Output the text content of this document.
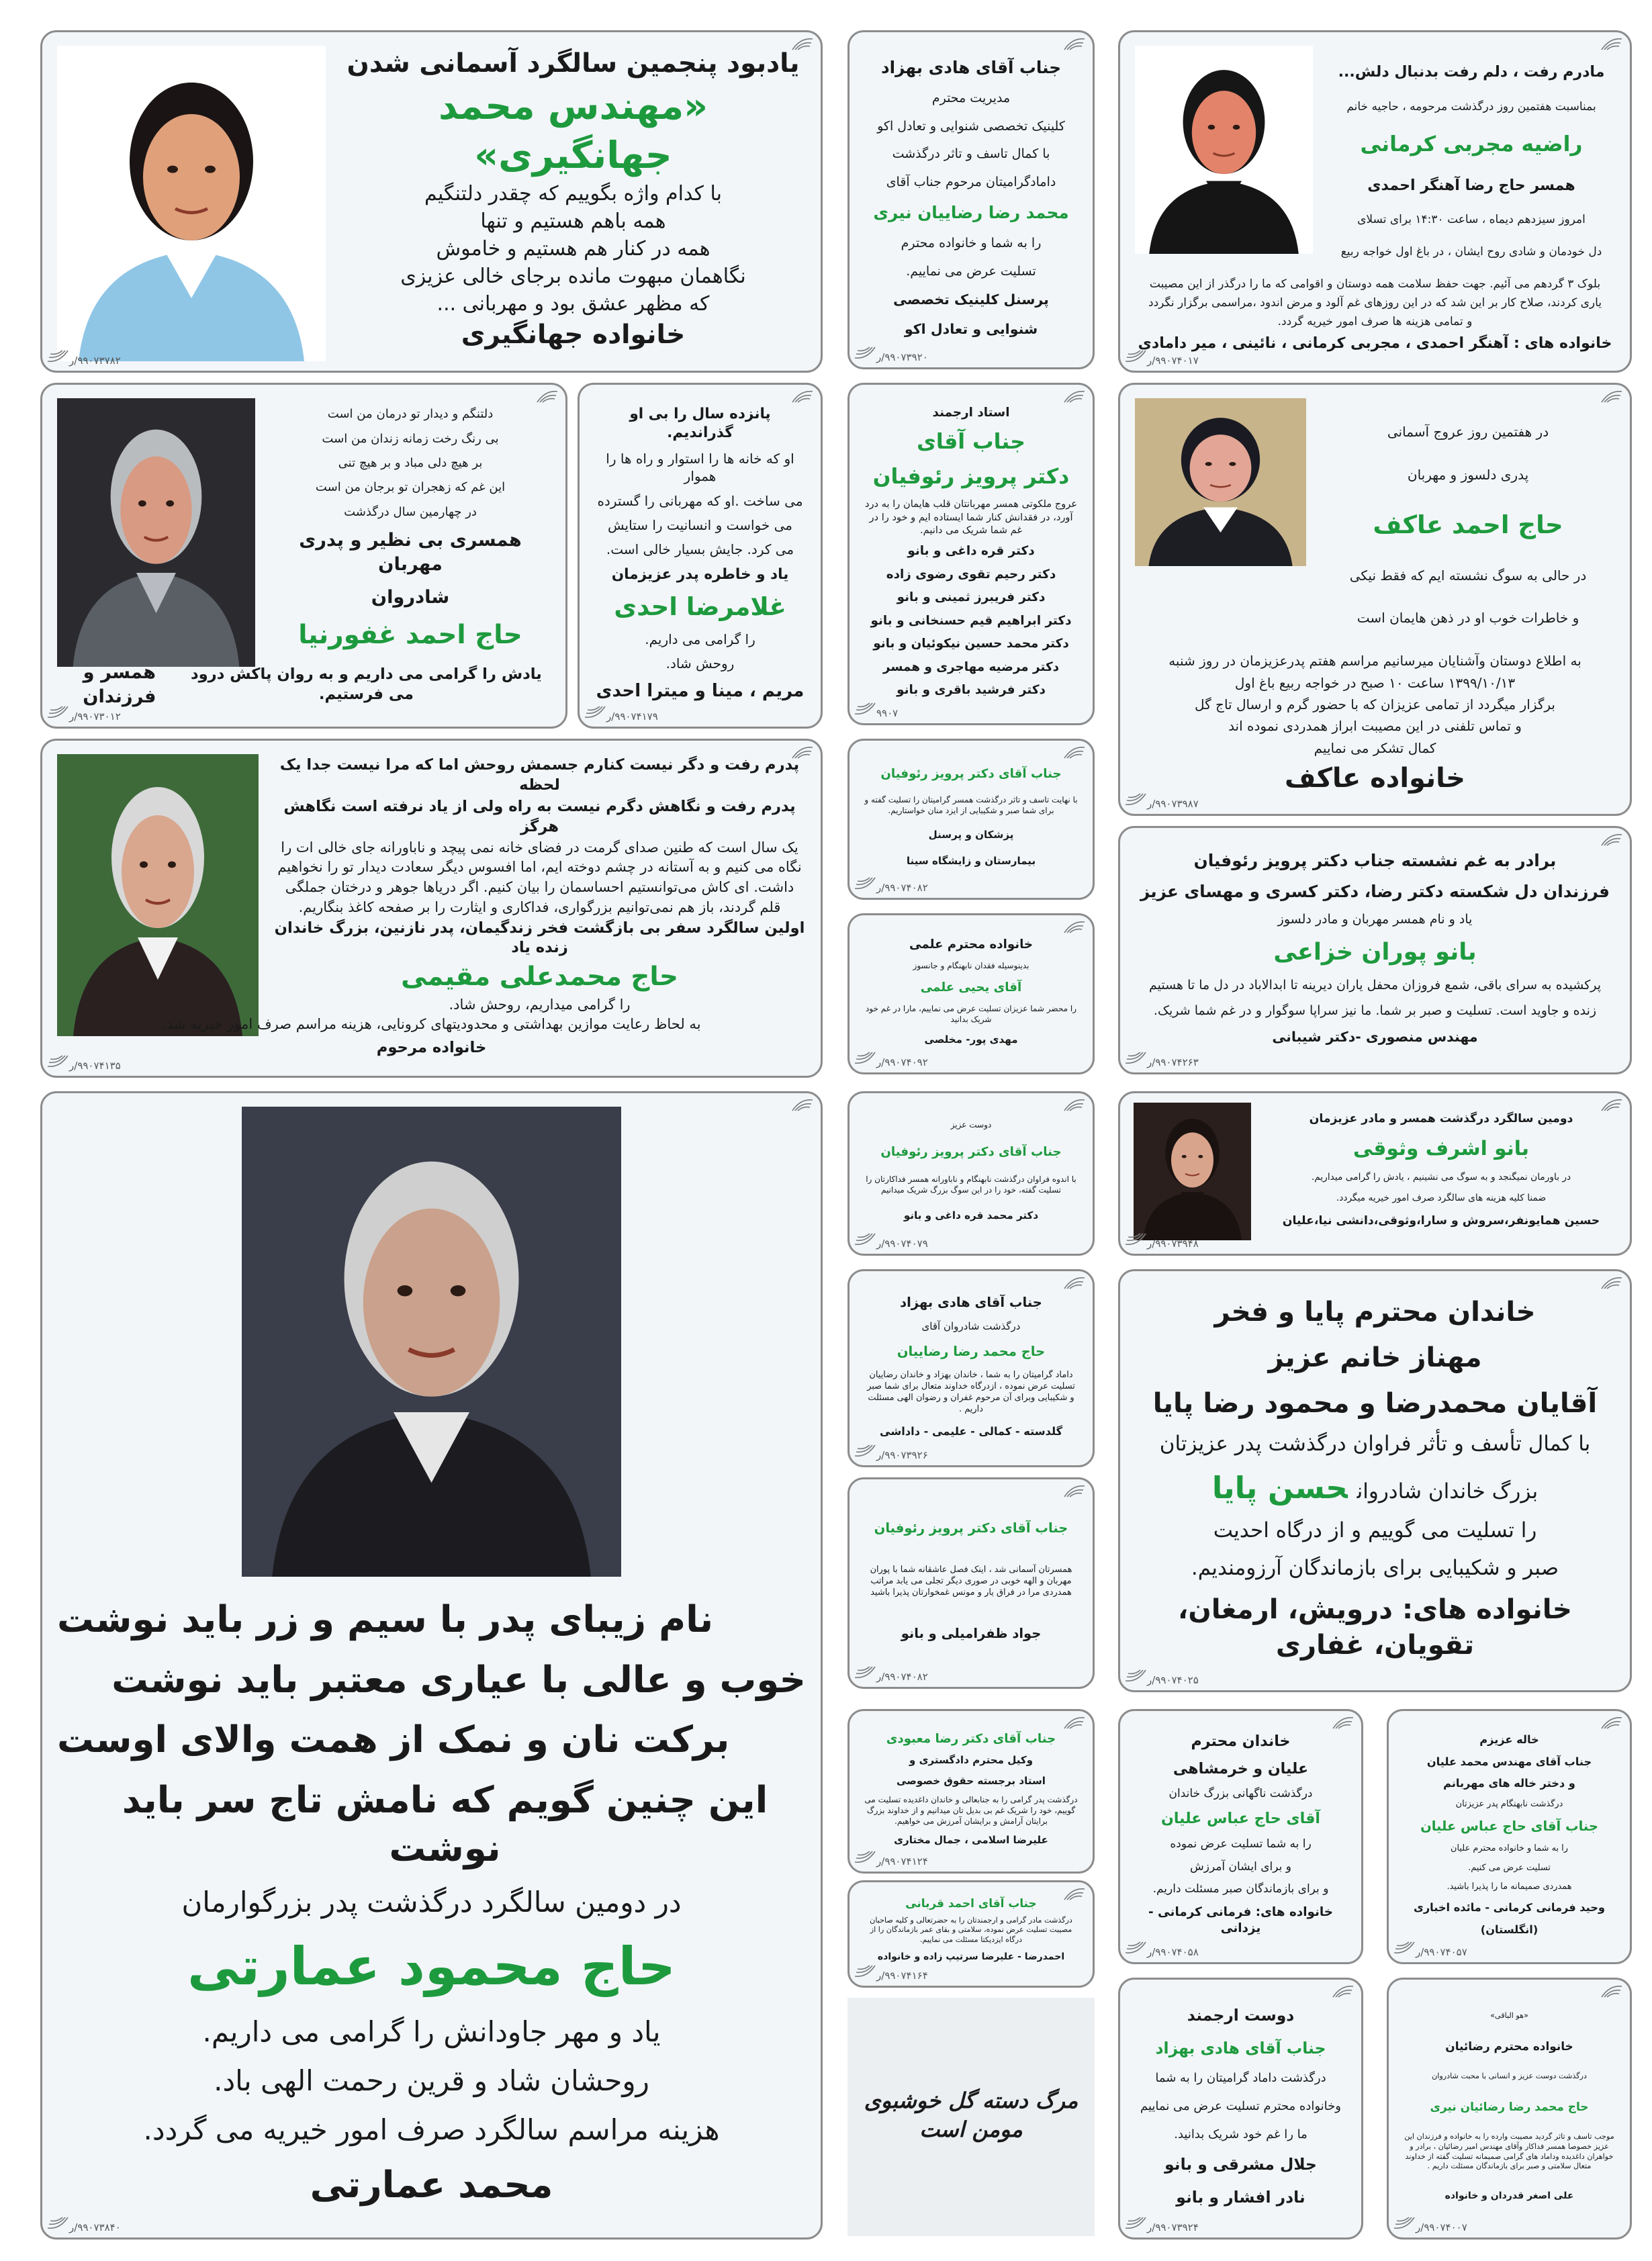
یادبود پنجمین سالگرد آسمانی شدن
«مهندس محمد جهانگیری»
با کدام واژه بگوییم که چقدر دلتنگیم
همه باهم هستیم و تنها
همه در کنار هم هستیم و خاموش
نگاهمان مبهوت مانده برجای خالی عزیزی
که مظهر عشق بود و مهربانی ...
خانواده جهانگیری
۹۹۰۷۳۷۸۲/ر
دلتنگم و دیدار تو درمان من است
بی رنگ رخت زمانه زندان من است
بر هیچ دلی مباد و بر هیچ تنی
این غم که زهجران تو برجان من است
در چهارمین سال درگذشت
همسری بی نظیر و پدری مهربان
شادروان
حاج احمد غفورنیا
یادش را گرامی می داریم و به روان پاکش درود می فرستیم.
همسر و فرزندان
۹۹۰۷۳۰۱۲/ر
پانزده سال را بی او گذراندیم.
او که خانه ها را استوار و راه ها را هموار
می ساخت .او که مهربانی را گسترده
می خواست و انسانیت را ستایش
می کرد. جایش بسیار خالی است.
یاد و خاطره پدر عزیزمان
غلامرضا احدی
را گرامی می داریم.
روحش شاد.
مریم ، مینا و میترا احدی
۹۹۰۷۴۱۷۹/ر
پدرم رفت و دگر نیست کنارم جسمش روحش اما که مرا نیست جدا یک لحظه
پدرم رفت و نگاهش دگرم نیست به راه ولی از یاد نرفته است نگاهش هرگز
یک سال است که طنین صدای گرمت در فضای خانه نمی پیچد و ناباورانه جای خالی ات را
نگاه می کنیم و به آستانه در چشم دوخته ایم، اما افسوس دیگر سعادت دیدار تو را نخواهیم
داشت. ای کاش می‌توانستیم احساسمان را بیان کنیم. اگر دریاها جوهر و درختان جملگی
قلم گردند، باز هم نمی‌توانیم بزرگواری، فداکاری و ایثارت را بر صفحه کاغذ بنگاریم.
اولین سالگرد سفر بی بازگشت فخر زندگیمان، پدر نازنین، بزرگ خاندان زنده یاد
حاج محمدعلی مقیمی
را گرامی میداریم، روحش شاد.
به لحاظ رعایت موازین بهداشتی و محدودیتهای کرونایی، هزینه مراسم صرف امور خیریه شد.
خانواده مرحوم
۹۹۰۷۴۱۳۵/ر
نام زیبای پدر با سیم و زر باید نوشت
خوب و عالی با عیاری معتبر باید نوشت
برکت نان و نمک از همت والای اوست
این چنین گویم که نامش تاج سر باید نوشت
در دومین سالگرد درگذشت پدر بزرگوارمان
حاج محمود عمارتی
یاد و مهر جاودانش را گرامی می داریم.
روحشان شاد و قرین رحمت الهی باد.
هزینه مراسم سالگرد صرف امور خیریه می گردد.
محمد عمارتی
۹۹۰۷۳۸۴۰/ر
جناب آقای هادی بهزاد
مدیریت محترم
کلینیک تخصصی شنوایی و تعادل اکو
با کمال تاسف و تاثر درگذشت
دامادگرامیتان مرحوم جناب آقای
محمد رضا رضاییان نیری
را به شما و خانواده محترم
تسلیت عرض می نماییم.
پرسنل کلینیک تخصصی
شنوایی و تعادل اکو
۹۹۰۷۳۹۲۰/ر
استاد ارجمند
جناب آقای
دکتر پرویز رئوفیان
عروج ملکوتی همسر مهربانتان قلب هایمان را به درد آورد، در فقدانش کنار شما ایستاده ایم و خود را در غم شما شریک می دانیم.
دکتر قره داغی و بانو
دکتر رحیم تقوی رضوی زاده
دکتر فریبرز ثمینی و بانو
دکتر ابراهیم قیم حسنخانی و بانو
دکتر محمد حسین نیکوئیان و بانو
دکتر مرضیه مهاجری و همسر
دکتر فرشید باقری و بانو
۹۹۰۷
جناب آقای دکتر پرویز رئوفیان
با نهایت تاسف و تاثر درگذشت همسر گرامیتان را تسلیت گفته و برای شما صبر و شکیبایی از ایزد منان خواستاریم.
پزشکان و پرسنل
بیمارستان و زایشگاه سینا
۹۹۰۷۴۰۸۲/ر
خانواده محترم علمی
بدینوسیله فقدان نابهنگام و جانسوز
آقای یحیی علمی
را محضر شما عزیزان تسلیت عرض می نماییم، مارا در غم خود شریک بدانید
مهدی پور- مخلصی
۹۹۰۷۴۰۹۲/ر
دوست عزیز
جناب آقای دکتر پرویز رئوفیان
با اندوه فراوان درگذشت نابهنگام و ناباورانه همسر فداکارتان را تسلیت گفته، خود را در این سوگ بزرگ شریک میدانیم
دکتر محمد قره داغی و بانو
۹۹۰۷۴۰۷۹/ر
جناب آقای هادی بهزاد
درگذشت شادروان آقای
حاج محمد رضا رضاییان
داماد گرامیتان را به شما ، خاندان بهزاد و خاندان رضاییان تسلیت عرض نموده ، ازدرگاه خداوند متعال برای شما صبر و شکیبایی وبرای آن مرحوم غفران و رضوان الهی مسئلت داریم .
گلدسته - کمالی - علیمی - داداشی
۹۹۰۷۳۹۲۶/ر
جناب آقای دکتر پرویز رئوفیان
همسرتان آسمانی شد ، اینک فصل عاشقانه شما با پوران مهربان و الهه خوبی در صوری دیگر تجلی می یابد مراتب همدردی مرا در فراق یار و مونس غمخوارتان پذیرا باشید
جواد ظفرامیلی و بانو
۹۹۰۷۴۰۸۲/ر
جناب آقای دکتر رضا معبودی
وکیل محترم دادگستری و
استاد برجسته حقوق خصوصی
درگذشت پدر گرامی را به جنابعالی و خاندان داغدیده تسلیت می گوییم، خود را شریک غم بی بدیل تان میدانیم و از خداوند بزرگ برایتان آرامش و برایشان آمرزش می خواهیم.
علیرضا اسلامی ، جمال مختاری
۹۹۰۷۴۱۲۴/ر
جناب آقای احمد قربانی
درگذشت مادر گرامی و ارجمندتان را به حضرتعالی و کلیه صاحبان مصیبت تسلیت عرض نموده، سلامتی و بقای عمر بازماندگان را از درگاه ایزدیکتا مسئلت می نماییم.
احمدرضا - علیرضا سرتیپ زاده و خانواده
۹۹۰۷۴۱۶۴/ر
مرگ دسته گل خوشبوی مومن است
مادرم رفت ، دلم رفت بدنبال دلش...
بمناسبت هفتمین روز درگذشت مرحومه ، حاجیه خانم
راضیه مجربی کرمانی
همسر حاج رضا آهنگر احمدی
امروز سیزدهم دیماه ، ساعت ۱۴:۳۰ برای تسلای
دل خودمان و شادی روح ایشان ، در باغ اول خواجه ربیع
بلوک ۳ گردهم می آئیم. جهت حفظ سلامت همه دوستان و اقوامی که ما را درگذر از این مصیبت
یاری کردند، صلاح کار بر این شد که در این روزهای غم آلود و مرض اندود ،مراسمی برگزار نگردد
و تمامی هزینه ها صرف امور خیریه گردد.
خانواده های : آهنگر احمدی ، مجربی کرمانی ، نائینی ، میر دامادی
۹۹۰۷۴۰۱۷/ر
در هفتمین روز عروج آسمانی
پدری دلسوز و مهربان
حاج احمد عاکف
در حالی به سوگ نشسته ایم که فقط نیکی
و خاطرات خوب او در ذهن هایمان است
به اطلاع دوستان وآشنایان میرسانیم مراسم هفتم پدرعزیزمان در روز شنبه
۱۳۹۹/۱۰/۱۳ ساعت ۱۰ صبح در خواجه ربیع باغ اول
برگزار میگردد از تمامی عزیزان که با حضور گرم و ارسال تاج گل
و تماس تلفنی در این مصیبت ابراز همدردی نموده اند
کمال تشکر می نماییم
خانواده عاکف
۹۹۰۷۳۹۸۷/ر
برادر به غم نشسته جناب دکتر پرویز رئوفیان
فرزندان دل شکسته دکتر رضا، دکتر کسری و مهسای عزیز
یاد و نام همسر مهربان و مادر دلسوز
بانو پوران خزاعی
پرکشیده به سرای باقی، شمع فروزان محفل یاران دیرینه تا ابدالاباد در دل ما تا هستیم
زنده و جاوید است. تسلیت و صبر بر شما. ما نیز سراپا سوگوار و در غم شما شریک.
مهندس منصوری -دکتر شیبانی
۹۹۰۷۴۲۶۳/ر
دومین سالگرد درگذشت همسر و مادر عزیزمان
بانو اشرف وثوقی
در باورمان نمیگنجد و به سوگ می نشینیم ، یادش را گرامی میداریم.
ضمنا کلیه هزینه های سالگرد صرف امور خیریه میگردد.
حسین همایونفر،سروش و سارا،وثوقی،دانشی نیا،علیان
۹۹۰۷۳۹۴۸/ر
خاندان محترم پایا و فخر
مهناز خانم عزیز
آقایان محمدرضا و محمود رضا پایا
با کمال تأسف و تأثر فراوان درگذشت پدر عزیزتان
بزرگ خاندان شادروانحسن پایا
را تسلیت می گوییم و از درگاه احدیت
صبر و شکیبایی برای بازماندگان آرزومندیم.
خانواده های: درویش، ارمغان، تقویان، غفاری
۹۹۰۷۴۰۲۵/ر
خاندان محترم
علیان و خرمشاهی
درگذشت ناگهانی بزرگ خاندان
آقای حاج عباس علیان
را به شما تسلیت عرض نموده
و برای ایشان آمرزش
و برای بازماندگان صبر مسئلت داریم.
خانواده های: فرمانی کرمانی - یزدانی
۹۹۰۷۴۰۵۸/ر
خاله عزیزم
جناب آقای مهندس محمد علیان
و دختر خاله های مهربانم
درگذشت نابهنگام پدر عزیزتان
جناب آقای حاج عباس علیان
را به شما و خانواده محترم علیان
تسلیت عرض می کنیم.
همدردی صمیمانه ما را پذیرا باشید.
وحید فرمانی کرمانی - مائده اخباری
(انگلستان)
۹۹۰۷۴۰۵۷/ر
دوست ارجمند
جناب آقای هادی بهزاد
درگذشت داماد گرامیتان را به شما
وخانواده محترم تسلیت عرض می نماییم
ما را غم خود شریک بدانید.
جلال مشرقی و بانو
نادر افشار و بانو
۹۹۰۷۳۹۲۴/ر
«هو الباقی»
خانواده محترم رضائیان
درگذشت دوست عزیز و انسانی با محبت شادروان
حاج محمد رضا رضائیان نیری
موجب تاسف و تاثر گردید مصیبت وارده را به خانواده و فرزندان این عزیز خصوصا همسر فداکار وآقای مهندس امیر رضائیان ، برادر و خواهران داغدیده وداماد های گرامی صمیمانه تسلیت گفته از خداوند متعال سلامتی و صبر برای بازماندگان مسئلت داریم .
علی اصغر قدردان و خانواده
۹۹۰۷۴۰۰۷/ر
